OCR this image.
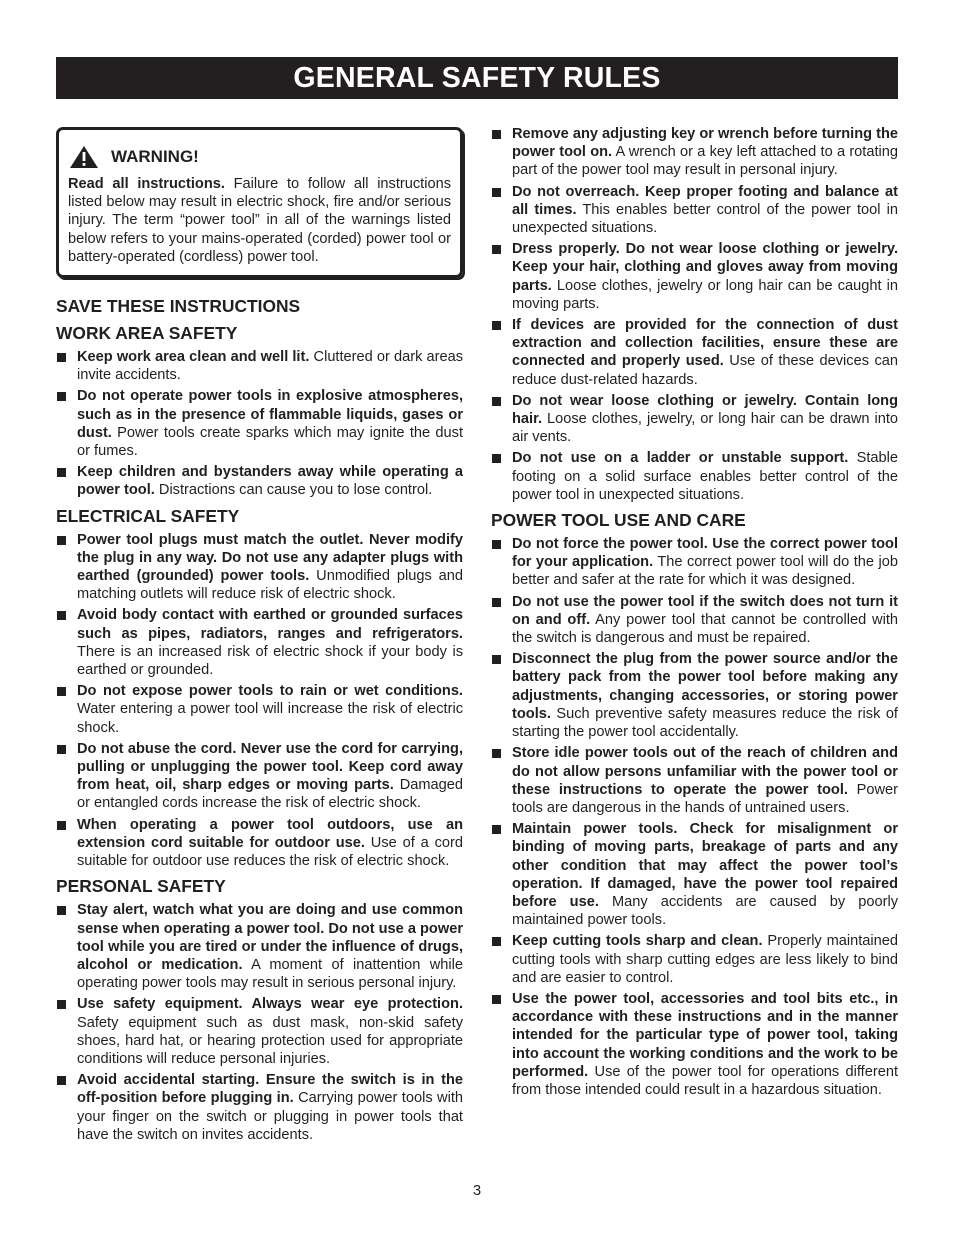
GENERAL SAFETY RULES
WARNING!
Read all instructions. Failure to follow all instructions listed below may result in electric shock, fire and/or serious injury. The term “power tool” in all of the warnings listed below refers to your mains-operated (corded) power tool or battery-operated (cordless) power tool.
SAVE THESE INSTRUCTIONS
WORK AREA SAFETY
Keep work area clean and well lit. Cluttered or dark areas invite accidents.
Do not operate power tools in explosive atmospheres, such as in the presence of flammable liquids, gases or dust. Power tools create sparks which may ignite the dust or fumes.
Keep children and bystanders away while operating a power tool. Distractions can cause you to lose control.
ELECTRICAL SAFETY
Power tool plugs must match the outlet. Never modify the plug in any way. Do not use any adapter plugs with earthed (grounded) power tools. Unmodified plugs and matching outlets will reduce risk of electric shock.
Avoid body contact with earthed or grounded surfaces such as pipes, radiators, ranges and refrigerators. There is an increased risk of electric shock if your body is earthed or grounded.
Do not expose power tools to rain or wet conditions. Water entering a power tool will increase the risk of electric shock.
Do not abuse the cord. Never use the cord for carrying, pulling or unplugging the power tool. Keep cord away from heat, oil, sharp edges or moving parts. Damaged or entangled cords increase the risk of electric shock.
When operating a power tool outdoors, use an extension cord suitable for outdoor use. Use of a cord suitable for outdoor use reduces the risk of electric shock.
PERSONAL SAFETY
Stay alert, watch what you are doing and use common sense when operating a power tool. Do not use a power tool while you are tired or under the influence of drugs, alcohol or medication. A moment of inattention while operating power tools may result in serious personal injury.
Use safety equipment. Always wear eye protection. Safety equipment such as dust mask, non-skid safety shoes, hard hat, or hearing protection used for appropriate conditions will reduce personal injuries.
Avoid accidental starting. Ensure the switch is in the off-position before plugging in. Carrying power tools with your finger on the switch or plugging in power tools that have the switch on invites accidents.
Remove any adjusting key or wrench before turning the power tool on. A wrench or a key left attached to a rotating part of the power tool may result in personal injury.
Do not overreach. Keep proper footing and balance at all times. This enables better control of the power tool in unexpected situations.
Dress properly. Do not wear loose clothing or jewelry. Keep your hair, clothing and gloves away from moving parts. Loose clothes, jewelry or long hair can be caught in moving parts.
If devices are provided for the connection of dust extraction and collection facilities, ensure these are connected and properly used. Use of these devices can reduce dust-related hazards.
Do not wear loose clothing or jewelry. Contain long hair. Loose clothes, jewelry, or long hair can be drawn into air vents.
Do not use on a ladder or unstable support. Stable footing on a solid surface enables better control of the power tool in unexpected situations.
POWER TOOL USE AND CARE
Do not force the power tool. Use the correct power tool for your application. The correct power tool will do the job better and safer at the rate for which it was designed.
Do not use the power tool if the switch does not turn it on and off. Any power tool that cannot be controlled with the switch is dangerous and must be repaired.
Disconnect the plug from the power source and/or the battery pack from the power tool before making any adjustments, changing accessories, or storing power tools. Such preventive safety measures reduce the risk of starting the power tool accidentally.
Store idle power tools out of the reach of children and do not allow persons unfamiliar with the power tool or these instructions to operate the power tool. Power tools are dangerous in the hands of untrained users.
Maintain power tools. Check for misalignment or binding of moving parts, breakage of parts and any other condition that may affect the power tool’s operation. If damaged, have the power tool repaired before use. Many accidents are caused by poorly maintained power tools.
Keep cutting tools sharp and clean. Properly maintained cutting tools with sharp cutting edges are less likely to bind and are easier to control.
Use the power tool, accessories and tool bits etc., in accordance with these instructions and in the manner intended for the particular type of power tool, taking into account the working conditions and the work to be performed. Use of the power tool for operations different from those intended could result in a hazardous situation.
3
